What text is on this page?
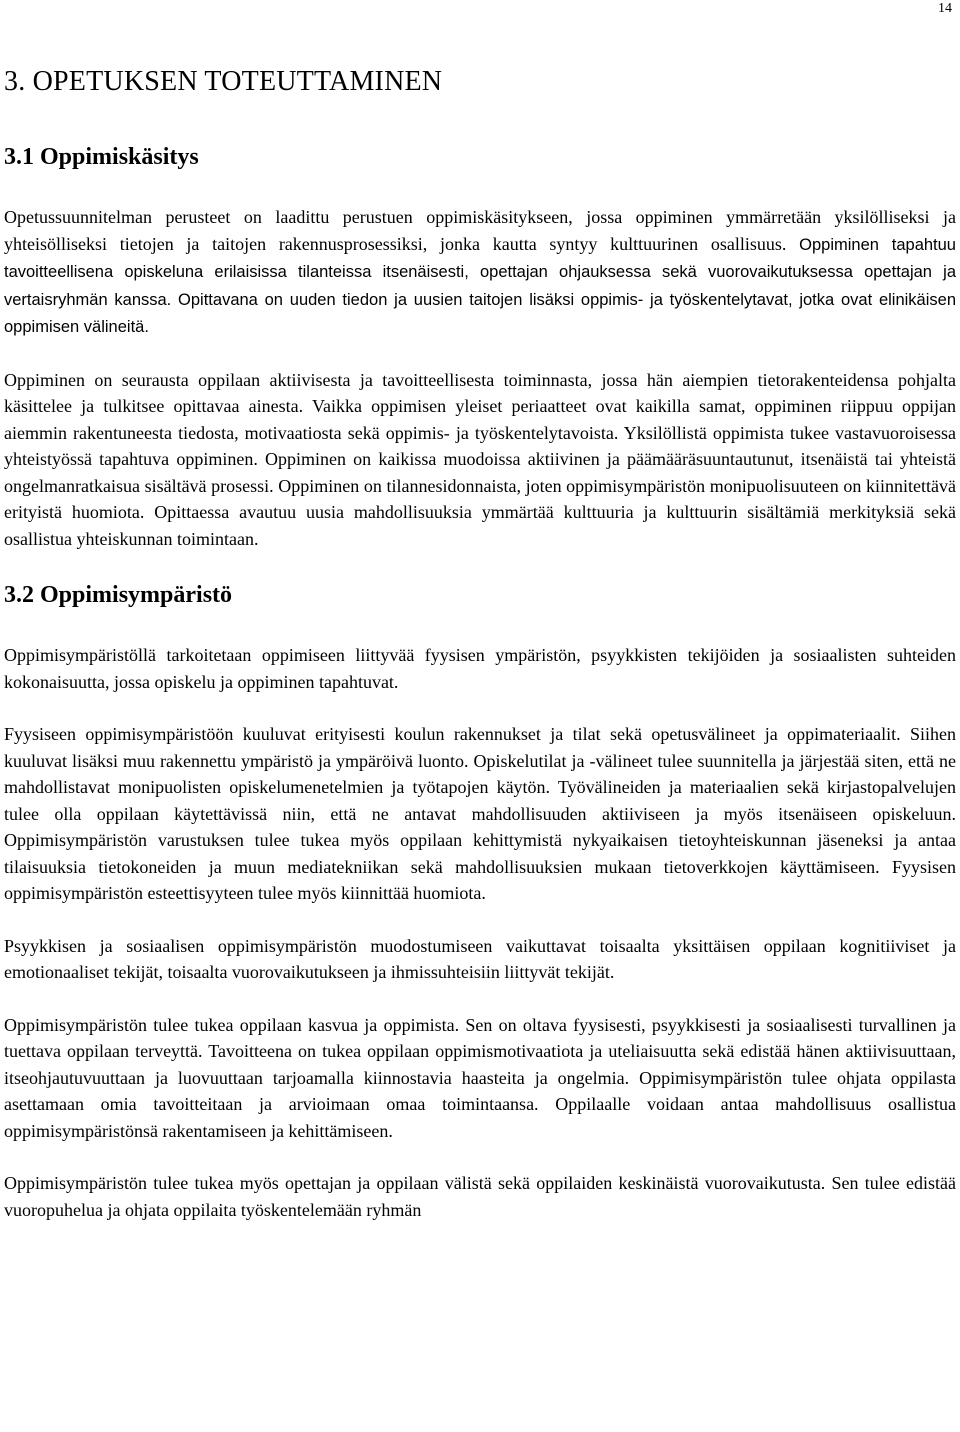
14
3. OPETUKSEN TOTEUTTAMINEN
3.1 Oppimiskäsitys

Opetussuunnitelman perusteet on laadittu perustuen oppimiskäsitykseen, jossa oppiminen ymmärretään yksilölliseksi ja yhteisölliseksi tietojen ja taitojen rakennusprosessiksi, jonka kautta syntyy kulttuurinen osallisuus. Oppiminen tapahtuu tavoitteellisena opiskeluna erilaisissa tilanteissa itsenäisesti, opettajan ohjauksessa sekä vuorovaikutuksessa opettajan ja vertaisryhmän kanssa. Opittavana on uuden tiedon ja uusien taitojen lisäksi oppimis- ja työskentelytavat, jotka ovat elinikäisen oppimisen välineitä.

Oppiminen on seurausta oppilaan aktiivisesta ja tavoitteellisesta toiminnasta, jossa hän aiempien tietorakenteidensa pohjalta käsittelee ja tulkitsee opittavaa ainesta. Vaikka oppimisen yleiset periaatteet ovat kaikilla samat, oppiminen riippuu oppijan aiemmin rakentuneesta tiedosta, motivaatiosta sekä oppimis- ja työskentelytavoista. Yksilöllistä oppimista tukee vastavuoroisessa yhteistyössä tapahtuva oppiminen. Oppiminen on kaikissa muodoissa aktiivinen ja päämääräsuuntautunut, itsenäistä tai yhteistä ongelmanratkaisua sisältävä prosessi. Oppiminen on tilannesidonnaista, joten oppimisympäristön monipuolisuuteen on kiinnitettävä erityistä huomiota. Opittaessa avautuu uusia mahdollisuuksia ymmärtää kulttuuria ja kulttuurin sisältämiä merkityksiä sekä osallistua yhteiskunnan toimintaan.

3.2 Oppimisympäristö

Oppimisympäristöllä tarkoitetaan oppimiseen liittyvää fyysisen ympäristön, psyykkisten tekijöiden ja sosiaalisten suhteiden kokonaisuutta, jossa opiskelu ja oppiminen tapahtuvat.

Fyysiseen oppimisympäristöön kuuluvat erityisesti koulun rakennukset ja tilat sekä opetusvälineet ja oppimateriaalit. Siihen kuuluvat lisäksi muu rakennettu ympäristö ja ympäröivä luonto. Opiskelutilat ja -välineet tulee suunnitella ja järjestää siten, että ne mahdollistavat monipuolisten opiskelumenetelmien ja työtapojen käytön. Työvälineiden ja materiaalien sekä kirjastopalvelujen tulee olla oppilaan käytettävissä niin, että ne antavat mahdollisuuden aktiiviseen ja myös itsenäiseen opiskeluun. Oppimisympäristön varustuksen tulee tukea myös oppilaan kehittymistä nykyaikaisen tietoyhteiskunnan jäseneksi ja antaa tilaisuuksia tietokoneiden ja muun mediatekniikan sekä mahdollisuuksien mukaan tietoverkkojen käyttämiseen. Fyysisen oppimisympäristön esteettisyyteen tulee myös kiinnittää huomiota.

Psyykkisen ja sosiaalisen oppimisympäristön muodostumiseen vaikuttavat toisaalta yksittäisen oppilaan kognitiiviset ja emotionaaliset tekijät, toisaalta vuorovaikutukseen ja ihmissuhteisiin liittyvät tekijät.

Oppimisympäristön tulee tukea oppilaan kasvua ja oppimista. Sen on oltava fyysisesti, psyykkisesti ja sosiaalisesti turvallinen ja tuettava oppilaan terveyttä. Tavoitteena on tukea oppilaan oppimismotivaatiota ja uteliaisuutta sekä edistää hänen aktiivisuuttaan, itseohjautuvuuttaan ja luovuuttaan tarjoamalla kiinnostavia haasteita ja ongelmia. Oppimisympäristön tulee ohjata oppilasta asettamaan omia tavoitteitaan ja arvioimaan omaa toimintaansa. Oppilaalle voidaan antaa mahdollisuus osallistua oppimisympäristönsä rakentamiseen ja kehittämiseen.

Oppimisympäristön tulee tukea myös opettajan ja oppilaan välistä sekä oppilaiden keskinäistä vuorovaikutusta. Sen tulee edistää vuoropuhelua ja ohjata oppilaita työskentelemään ryhmän
